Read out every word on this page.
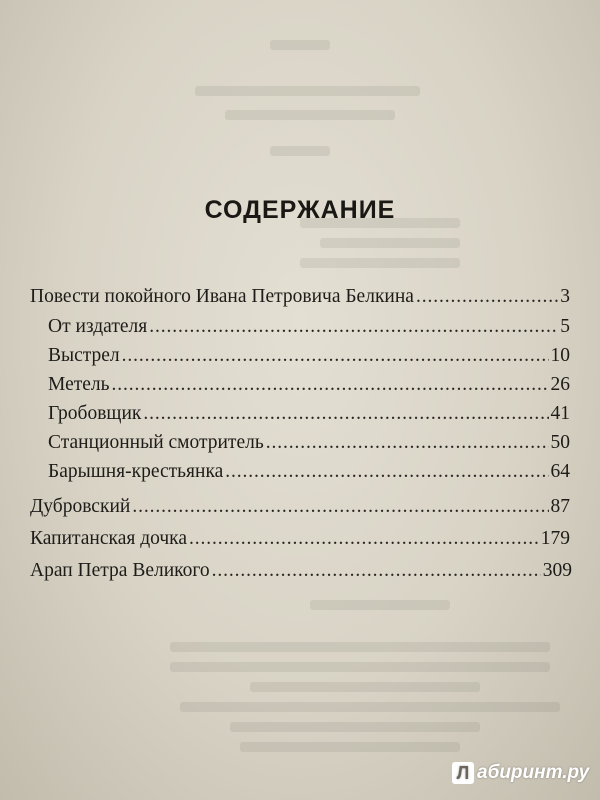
СОДЕРЖАНИЕ
Повести покойного Ивана Петровича Белкина . . .	3
От издателя . . .	5
Выстрел . . .	10
Метель . . .	26
Гробовщик . . .	41
Станционный смотритель . . .	50
Барышня-крестьянка . . .	64
Дубровский . . .	87
Капитанская дочка . . .	179
Арап Петра Великого . . .	309
Л абиринт.ру
